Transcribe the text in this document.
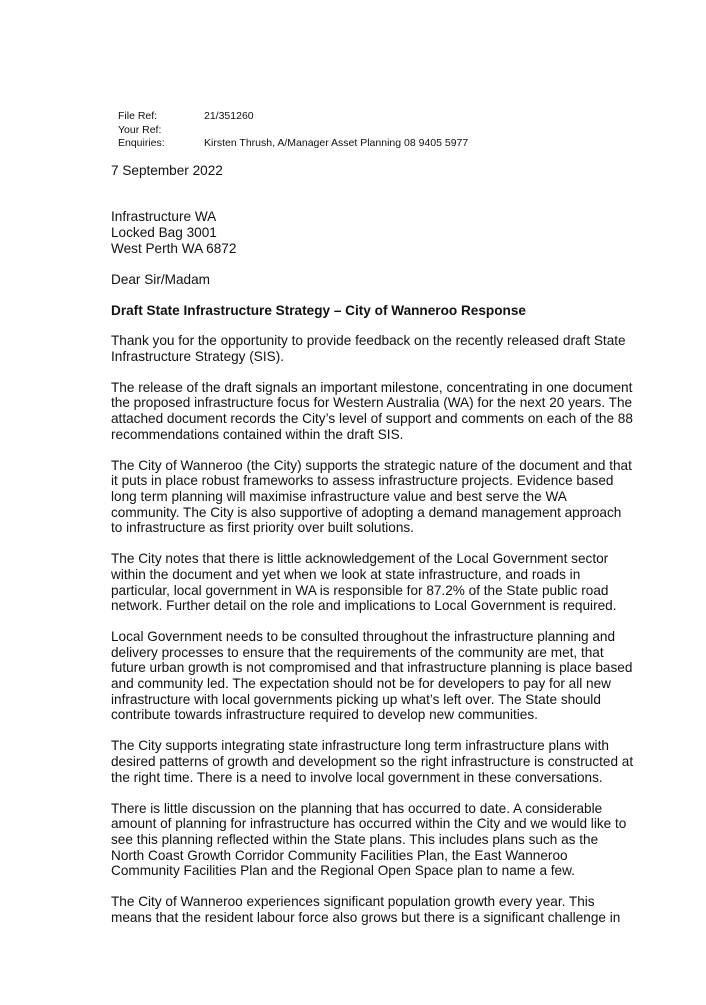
File Ref:	21/351260
Your Ref:
Enquiries:	Kirsten Thrush, A/Manager Asset Planning 08 9405 5977
7 September 2022
Infrastructure WA
Locked Bag 3001
West Perth WA 6872
Dear Sir/Madam
Draft State Infrastructure Strategy – City of Wanneroo Response
Thank you for the opportunity to provide feedback on the recently released draft State
Infrastructure Strategy (SIS).
The release of the draft signals an important milestone, concentrating in one document
the proposed infrastructure focus for Western Australia (WA) for the next 20 years. The
attached document records the City’s level of support and comments on each of the 88
recommendations contained within the draft SIS.
The City of Wanneroo (the City) supports the strategic nature of the document and that
it puts in place robust frameworks to assess infrastructure projects. Evidence based
long term planning will maximise infrastructure value and best serve the WA
community. The City is also supportive of adopting a demand management approach
to infrastructure as first priority over built solutions.
The City notes that there is little acknowledgement of the Local Government sector
within the document and yet when we look at state infrastructure, and roads in
particular, local government in WA is responsible for 87.2% of the State public road
network. Further detail on the role and implications to Local Government is required.
Local Government needs to be consulted throughout the infrastructure planning and
delivery processes to ensure that the requirements of the community are met, that
future urban growth is not compromised and that infrastructure planning is place based
and community led. The expectation should not be for developers to pay for all new
infrastructure with local governments picking up what’s left over. The State should
contribute towards infrastructure required to develop new communities.
The City supports integrating state infrastructure long term infrastructure plans with
desired patterns of growth and development so the right infrastructure is constructed at
the right time. There is a need to involve local government in these conversations.
There is little discussion on the planning that has occurred to date. A considerable
amount of planning for infrastructure has occurred within the City and we would like to
see this planning reflected within the State plans. This includes plans such as the
North Coast Growth Corridor Community Facilities Plan, the East Wanneroo
Community Facilities Plan and the Regional Open Space plan to name a few.
The City of Wanneroo experiences significant population growth every year. This
means that the resident labour force also grows but there is a significant challenge in
